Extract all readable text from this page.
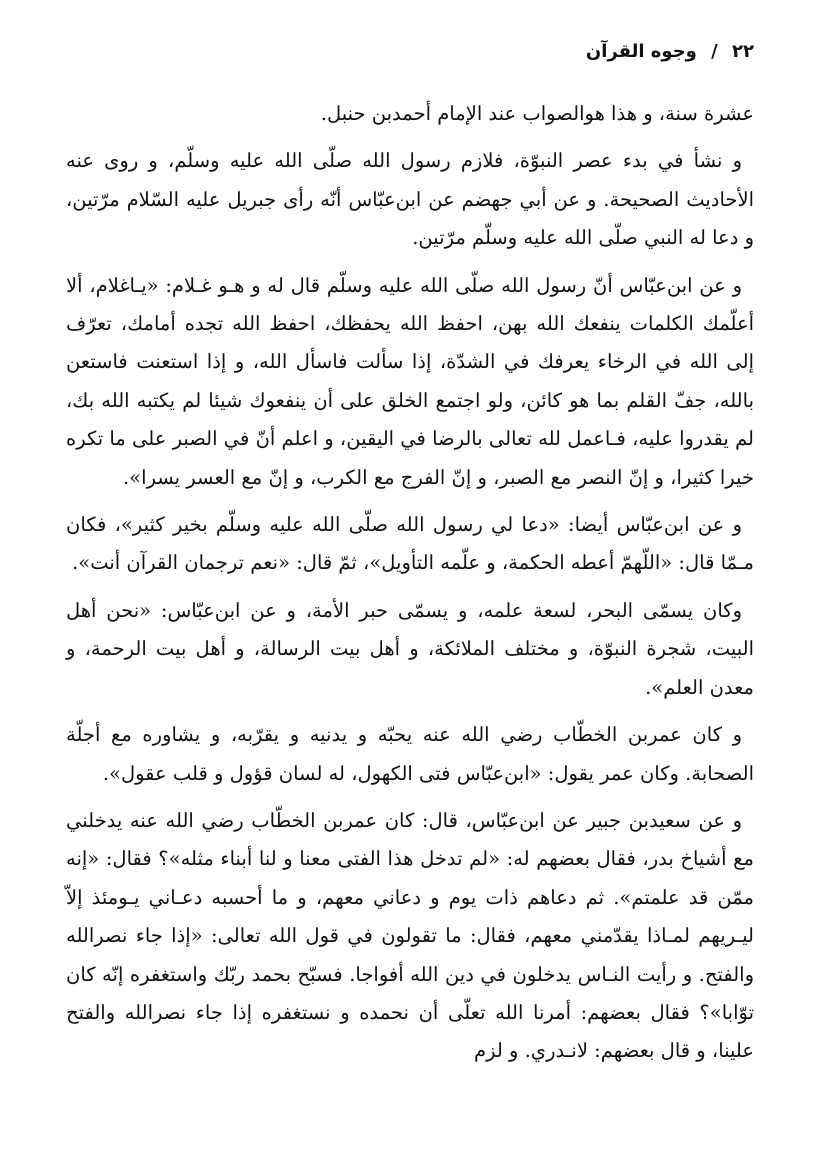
٢٢ / وجوه القرآن

عشرة سنة، و هذا هوالصواب عند الإمام أحمدبن حنبل.

و نشأ في بدء عصر النبوّة، فلازم رسول الله صلّى الله عليه وسلّم، و روى عنه الأحاديث الصحيحة. و عن أبي جهضم عن ابن‌عبّاس أنّه رأى جبريل عليه السّلام مرّتين، و دعا له النبي صلّى الله عليه وسلّم مرّتين.

و عن ابن‌عبّاس أنّ رسول الله صلّى الله عليه وسلّم قال له و هـو غـلام: «يـاغلام، ألا أعلّمك الكلمات ينفعك الله بهن، احفظ الله يحفظك، احفظ الله تجده أمامك، تعرّف إلى الله في الرخاء يعرفك في الشدّة، إذا سألت فاسأل الله، و إذا استعنت فاستعن بالله، جفّ القلم بما هو كائن، ولو اجتمع الخلق على أن ينفعوك شيئا لم يكتبه الله بك، لم يقدروا عليه، فـاعمل لله تعالى بالرضا في اليقين، و اعلم أنّ في الصبر على ما تكره خيرا كثيرا، و إنّ النصر مع الصبر، و إنّ الفرج مع الكرب، و إنّ مع العسر يسرا».

و عن ابن‌عبّاس أيضا: «دعا لي رسول الله صلّى الله عليه وسلّم بخير كثير»، فكان مـمّا قال: «اللّهمّ أعطه الحكمة، و علّمه التأويل»، ثمّ قال: «نعم ترجمان القرآن أنت».

وكان يسمّى البحر، لسعة علمه، و يسمّى حبر الأمة، و عن ابن‌عبّاس: «نحن أهل البيت، شجرة النبوّة، و مختلف الملائكة، و أهل بيت الرسالة، و أهل بيت الرحمة، و معدن العلم».

و كان عمربن الخطّاب رضي الله عنه يحبّه و يدنيه و يقرّبه، و يشاوره مع أجلّة الصحابة. وكان عمر يقول: «ابن‌عبّاس فتى الكهول، له لسان قؤول و قلب عقول».

و عن سعيدبن جبير عن ابن‌عبّاس، قال: كان عمربن الخطّاب رضي الله عنه يدخلني مع أشياخ بدر، فقال بعضهم له: «لم تدخل هذا الفتى معنا و لنا أبناء مثله»؟ فقال: «إنه ممّن قد علمتم». ثم دعاهم ذات يوم و دعاني معهم، و ما أحسبه دعـاني يـومئذ إلاّ ليـريهم لمـاذا يقدّمني معهم، فقال: ما تقولون في قول الله تعالى: «إذا جاء نصرالله والفتح. و رأيت النـاس يدخلون في دين الله أفواجا. فسبّح بحمد ربّك واستغفره إنّه كان توّابا»؟ فقال بعضهم: أمرنا الله تعلّى أن نحمده و نستغفره إذا جاء نصرالله والفتح علينا، و قال بعضهم: لانـدري. و لزم
